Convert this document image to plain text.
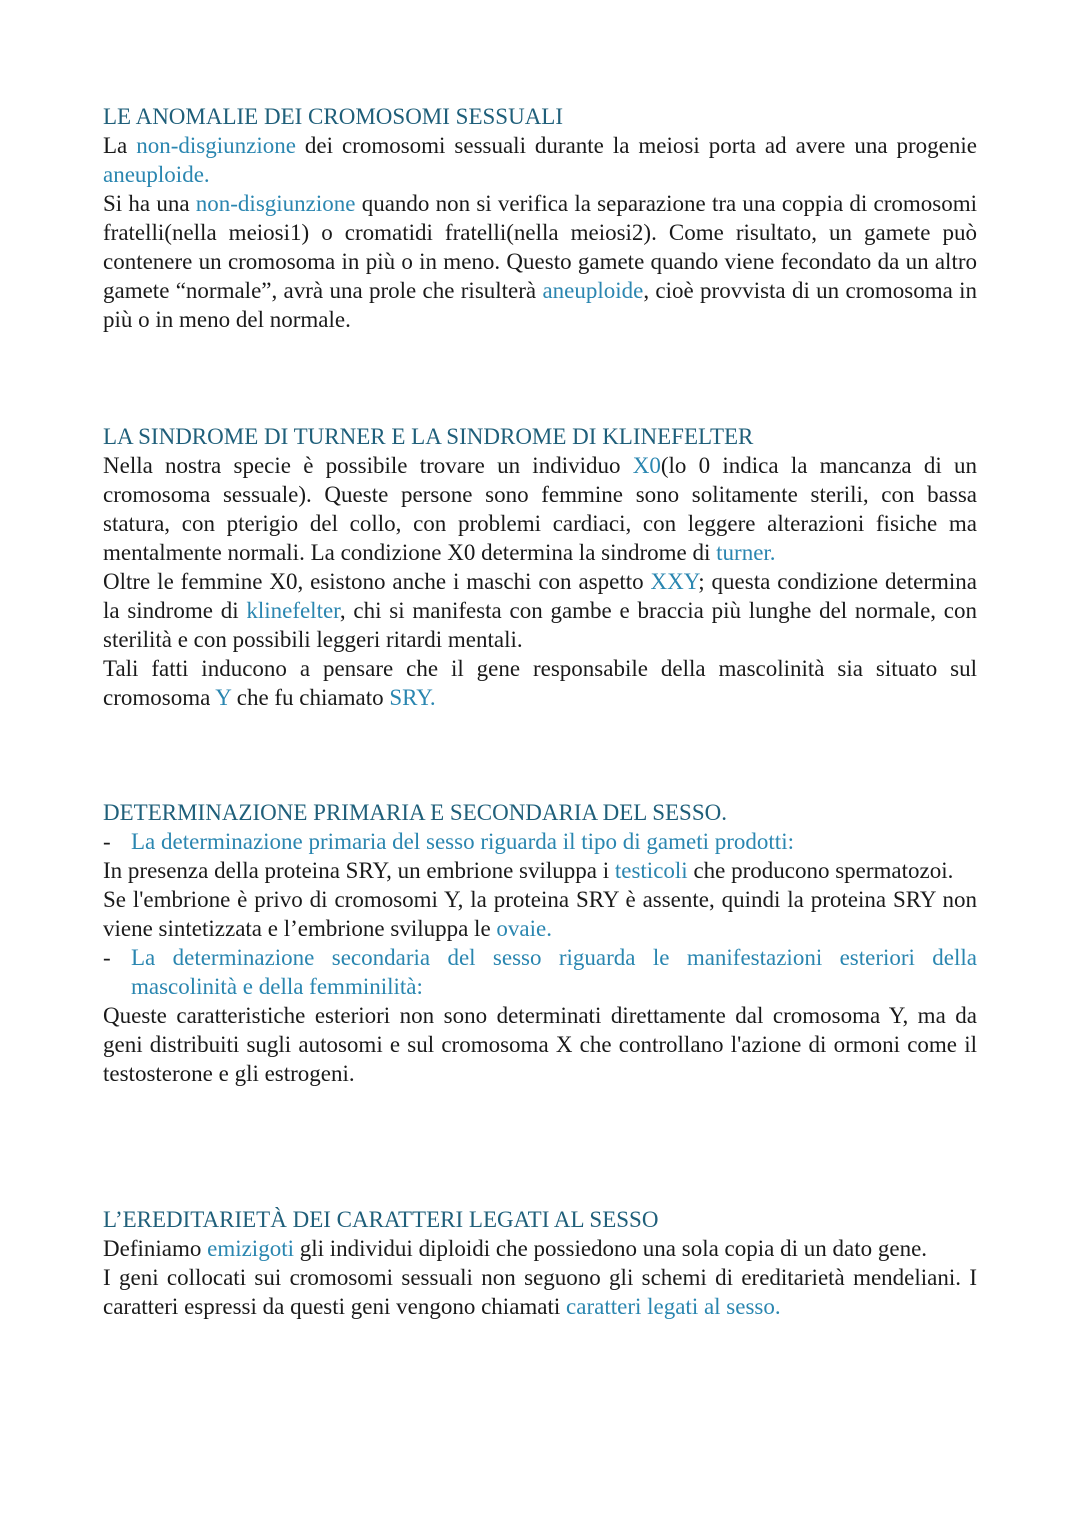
LE ANOMALIE DEI CROMOSOMI SESSUALI

La non-disgiunzione dei cromosomi sessuali durante la meiosi porta ad avere una progenie aneuploide.

Si ha una non-disgiunzione quando non si verifica la separazione tra una coppia di cromosomi fratelli(nella meiosi1) o cromatidi fratelli(nella meiosi2). Come risultato, un gamete può contenere un cromosoma in più o in meno. Questo gamete quando viene fecondato da un altro gamete “normale”, avrà una prole che risulterà aneuploide, cioè provvista di un cromosoma in più o in meno del normale.

LA SINDROME DI TURNER E LA SINDROME DI KLINEFELTER

Nella nostra specie è possibile trovare un individuo X0(lo 0 indica la mancanza di un cromosoma sessuale). Queste persone sono femmine sono solitamente sterili, con bassa statura, con pterigio del collo, con problemi cardiaci, con leggere alterazioni fisiche ma mentalmente normali. La condizione X0 determina la sindrome di turner.

Oltre le femmine X0, esistono anche i maschi con aspetto XXY; questa condizione determina la sindrome di klinefelter, chi si manifesta con gambe e braccia più lunghe del normale, con sterilità e con possibili leggeri ritardi mentali.

Tali fatti inducono a pensare che il gene responsabile della mascolinità sia situato sul cromosoma Y che fu chiamato SRY.

DETERMINAZIONE PRIMARIA E SECONDARIA DEL SESSO.

- La determinazione primaria del sesso riguarda il tipo di gameti prodotti:

In presenza della proteina SRY, un embrione sviluppa i testicoli che producono spermatozoi.

Se l'embrione è privo di cromosomi Y, la proteina SRY è assente, quindi la proteina SRY non viene sintetizzata e l’embrione sviluppa le ovaie.

- La determinazione secondaria del sesso riguarda le manifestazioni esteriori della mascolinità e della femminilità:

Queste caratteristiche esteriori non sono determinati direttamente dal cromosoma Y, ma da geni distribuiti sugli autosomi e sul cromosoma X che controllano l'azione di ormoni come il testosterone e gli estrogeni.

L’EREDITARIETÀ DEI CARATTERI LEGATI AL SESSO

Definiamo emizigoti gli individui diploidi che possiedono una sola copia di un dato gene.

I geni collocati sui cromosomi sessuali non seguono gli schemi di ereditarietà mendeliani. I caratteri espressi da questi geni vengono chiamati caratteri legati al sesso.
